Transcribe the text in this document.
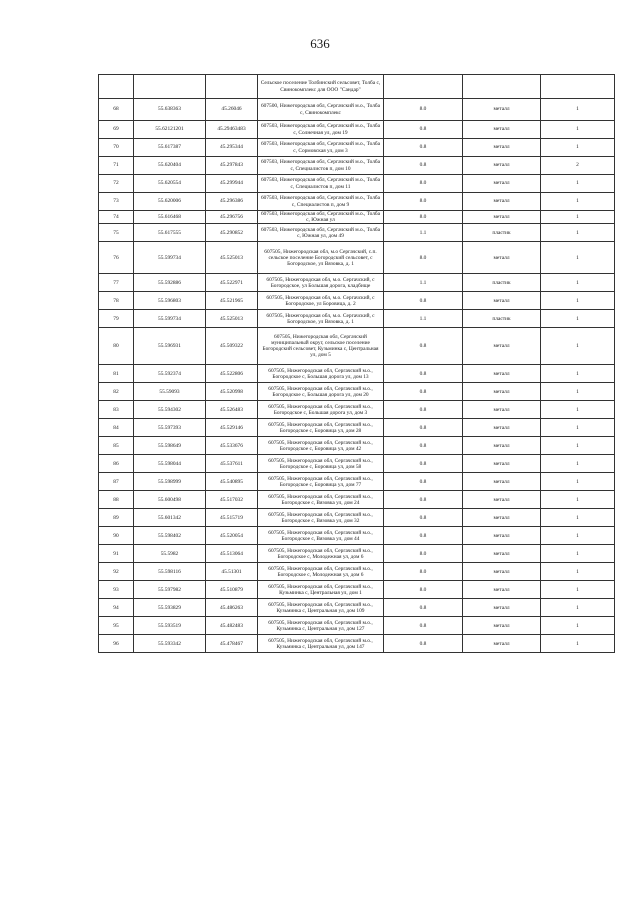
636
			Сельское поселение Толбинский сельсовет, Толба с, Свинокомплекс для ООО "Сандар"			
68	55.638363	45.26046	607500, Нижегородская обл, Сергачский м.о., Толба с, Свинокомплекс	8.0	металл	1
69	55.62121201	45.29463483	607503, Нижегородская обл, Сергачский м.о., Толба с, Солнечная ул, дом 19	0.8	металл	1
70	55.617387	45.295344	607503, Нижегородская обл, Сергачский м.о., Толба с, Сормовская ул, дом 3	0.8	металл	1
71	55.620404	45.297843	607503, Нижегородская обл, Сергачский м.о., Толба с, Специалистов п, дом 10	0.8	металл	2
72	55.620554	45.299944	607503, Нижегородская обл, Сергачский м.о., Толба с, Специалистов п, дом 11	8.0	металл	1
73	55.620006	45.296386	607503, Нижегородская обл, Сергачский м.о., Толба с, Специалистов п, дом 9	8.0	металл	1
74	55.616468	45.296756	607503, Нижегородская обл, Сергачский м.о., Толба с, Южная ул	8.0	металл	1
75	55.617555	45.290852	607503, Нижегородская обл, Сергачский м.о., Толба с, Южная ул, дом 49	1.1	пластик	1
76	55.599734	45.525013	607505, Нижегородская обл, м.о Сергачский, с.п. сельское поселение Богородский сельсовет, с Богородское, ул Вязовка, д. 1	8.0	металл	1
77	55.592886	45.522971	607505, Нижегородская обл, м.о. Сергачский, с Богородское, ул Большая дорога, кладбище	1.1	пластик	1
78	55.596803	45.521965	607505, Нижегородская обл, м.о. Сергачский, с Богородское, ул Боровица, д. 2	0.8	металл	1
79	55.599734	45.525013	607505, Нижегородская обл, м.о. Сергачский, с Богородское, ул Вязовка, д. 1	1.1	пластик	1
80	55.596931	45.509322	607505, Нижегородская обл, Сергачский муниципальный округ, сельское поселение Богородский сельсовет, Кузьминка с, Центральная ул, дом 5	0.8	металл	1
81	55.592374	45.522806	607505, Нижегородская обл, Сергачский м.о., Богородское с, Большая дорога ул, дом 13	0.8	металл	1
82	55.59093	45.520998	607505, Нижегородская обл, Сергачский м.о., Богородское с, Большая дорога ул, дом 20	0.8	металл	1
83	55.594302	45.526483	607505, Нижегородская обл, Сергачский м.о., Богородское с, Большая дорога ул, дом 3	0.8	металл	1
84	55.597393	45.529146	607505, Нижегородская обл, Сергачский м.о., Богородское с, Боровица ул, дом 28	0.8	металл	1
85	55.598649	45.533676	607505, Нижегородская обл, Сергачский м.о., Богородское с, Боровица ул, дом 42	0.8	металл	1
86	55.598044	45.537611	607505, Нижегородская обл, Сергачский м.о., Богородское с, Боровица ул, дом 58	0.8	металл	1
87	55.598999	45.540895	607505, Нижегородская обл, Сергачский м.о., Богородское с, Боровица ул, дом 77	0.8	металл	1
88	55.600498	45.517032	607505, Нижегородская обл, Сергачский м.о., Богородское с, Вязовка ул, дом 24	0.8	металл	1
89	55.601342	45.515719	607505, Нижегородская обл, Сергачский м.о., Богородское с, Вязовка ул, дом 32	0.8	металл	1
90	55.598402	45.520054	607505, Нижегородская обл, Сергачский м.о., Богородское с, Вязовка ул, дом 44	0.8	металл	1
91	55.5982	45.513064	607505, Нижегородская обл, Сергачский м.о., Богородское с, Молодежная ул, дом 6	8.0	металл	1
92	55.598116	45.51301	607505, Нижегородская обл, Сергачский м.о., Богородское с, Молодежная ул, дом 6	8.0	металл	1
93	55.597982	45.510879	607505, Нижегородская обл, Сергачский м.о., Кузьминка с, Центральная ул, дом 1	8.0	металл	1
94	55.593829	45.486263	607505, Нижегородская обл, Сергачский м.о., Кузьминка с, Центральная ул, дом 109	0.8	металл	1
95	55.593519	45.482483	607505, Нижегородская обл, Сергачский м.о., Кузьминка с, Центральная ул, дом 127	0.8	металл	1
96	55.593342	45.478467	607505, Нижегородская обл, Сергачский м.о., Кузьминка с, Центральная ул, дом 147	0.8	металл	1
